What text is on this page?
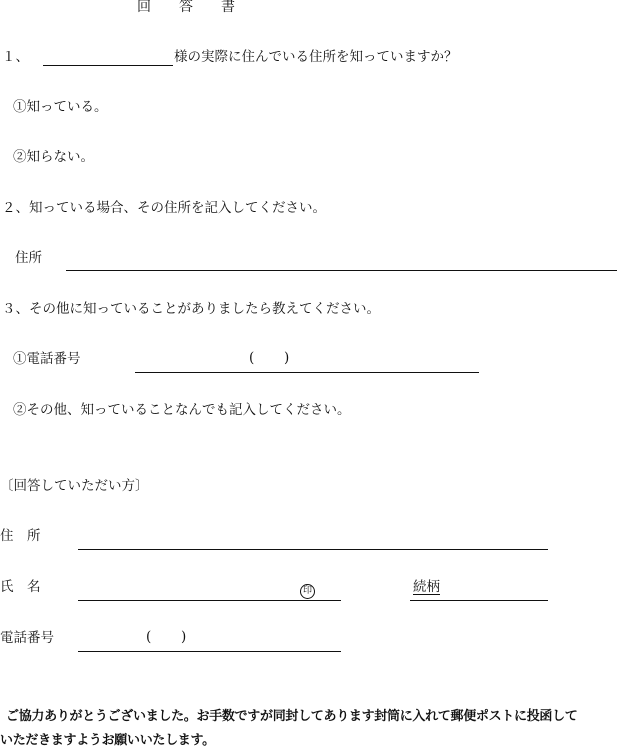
回 答 書
１、	様の実際に住んでいる住所を知っていますか？
①知っている。
②知らない。
２、知っている場合、その住所を記入してください。
住所
３、その他に知っていることがありましたら教えてください。
①電話番号	( )
②その他、知っていることなんでも記入してください。
〔回答していただい方〕
住　所
氏　名	印	続柄
電話番号	( )
ご協力ありがとうございました。お手数ですが同封してあります封筒に入れて郵便ポストに投函して
いただきますようお願いいたします。
